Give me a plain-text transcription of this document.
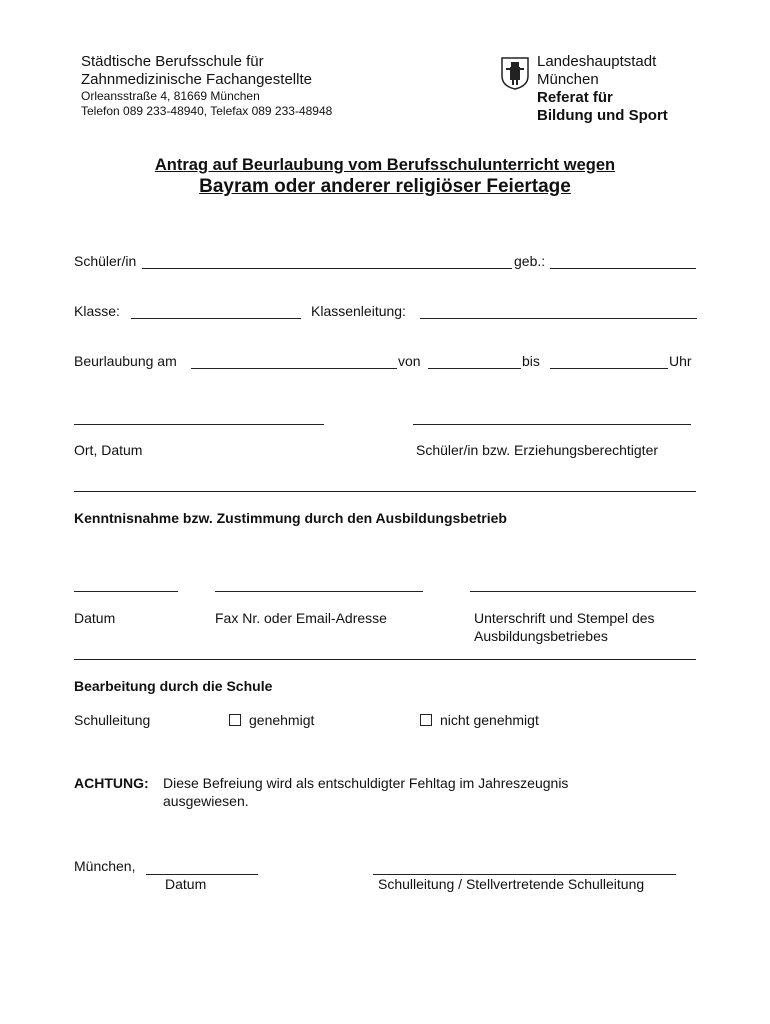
Städtische Berufsschule für
Zahnmedizinische Fachangestellte
Orleansstraße 4, 81669 München
Telefon 089 233-48940, Telefax 089 233-48948
Landeshauptstadt
München
Referat für
Bildung und Sport
Antrag auf Beurlaubung vom Berufsschulunterricht wegen
Bayram oder anderer religiöser Feiertage
Schüler/in	geb.:
Klasse:	Klassenleitung:
Beurlaubung am	von	bis	Uhr
Ort, Datum	Schüler/in bzw. Erziehungsberechtigter
Kenntnisnahme bzw. Zustimmung durch den Ausbildungsbetrieb
Datum	Fax Nr. oder Email-Adresse	Unterschrift und Stempel des
Ausbildungsbetriebes
Bearbeitung durch die Schule
Schulleitung	genehmigt	nicht genehmigt
ACHTUNG: Diese Befreiung wird als entschuldigter Fehltag im Jahreszeugnis
ausgewiesen.
München,
Datum	Schulleitung / Stellvertretende Schulleitung
